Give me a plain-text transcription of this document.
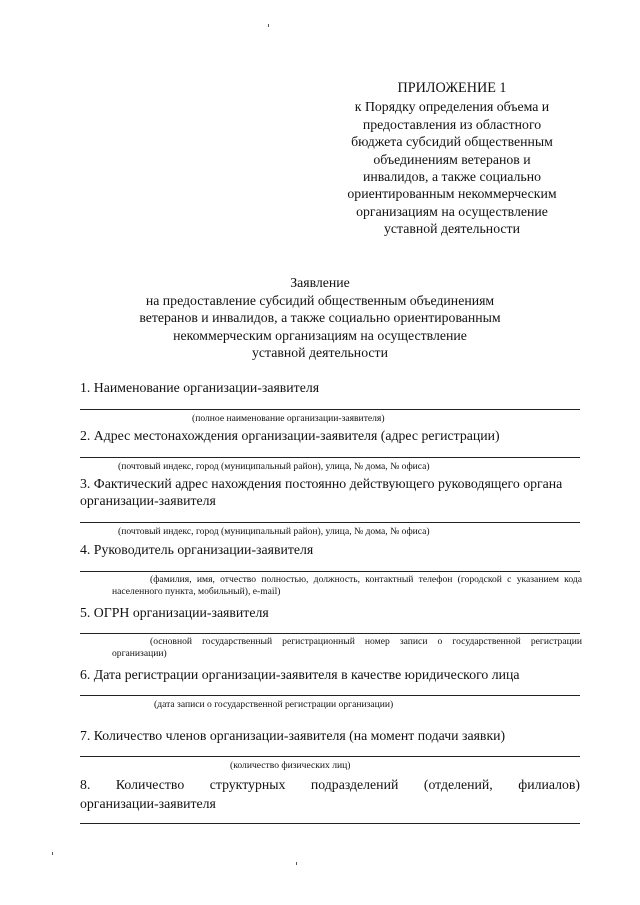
ПРИЛОЖЕНИЕ 1
к Порядку определения объема и
предоставления из областного
бюджета субсидий общественным
объединениям ветеранов и
инвалидов, а также социально
ориентированным некоммерческим
организациям на осуществление
уставной деятельности
Заявление
на предоставление субсидий общественным объединениям
ветеранов и инвалидов, а также социально ориентированным
некоммерческим организациям на осуществление
уставной деятельности
1. Наименование организации-заявителя
(полное наименование организации-заявителя)
2. Адрес местонахождения организации-заявителя (адрес регистрации)
(почтовый индекс, город (муниципальный район), улица, № дома, № офиса)
3. Фактический адрес нахождения постоянно действующего руководящего органа организации-заявителя
(почтовый индекс, город (муниципальный район), улица, № дома, № офиса)
4. Руководитель организации-заявителя
(фамилия, имя, отчество полностью, должность, контактный телефон (городской с указанием кода населенного пункта, мобильный), e-mail)
5. ОГРН организации-заявителя
(основной государственный регистрационный номер записи о государственной регистрации организации)
6. Дата регистрации организации-заявителя в качестве юридического лица
(дата записи о государственной регистрации организации)
7. Количество членов организации-заявителя (на момент подачи заявки)
(количество физических лиц)
8. Количество структурных подразделений (отделений, филиалов)
организации-заявителя
